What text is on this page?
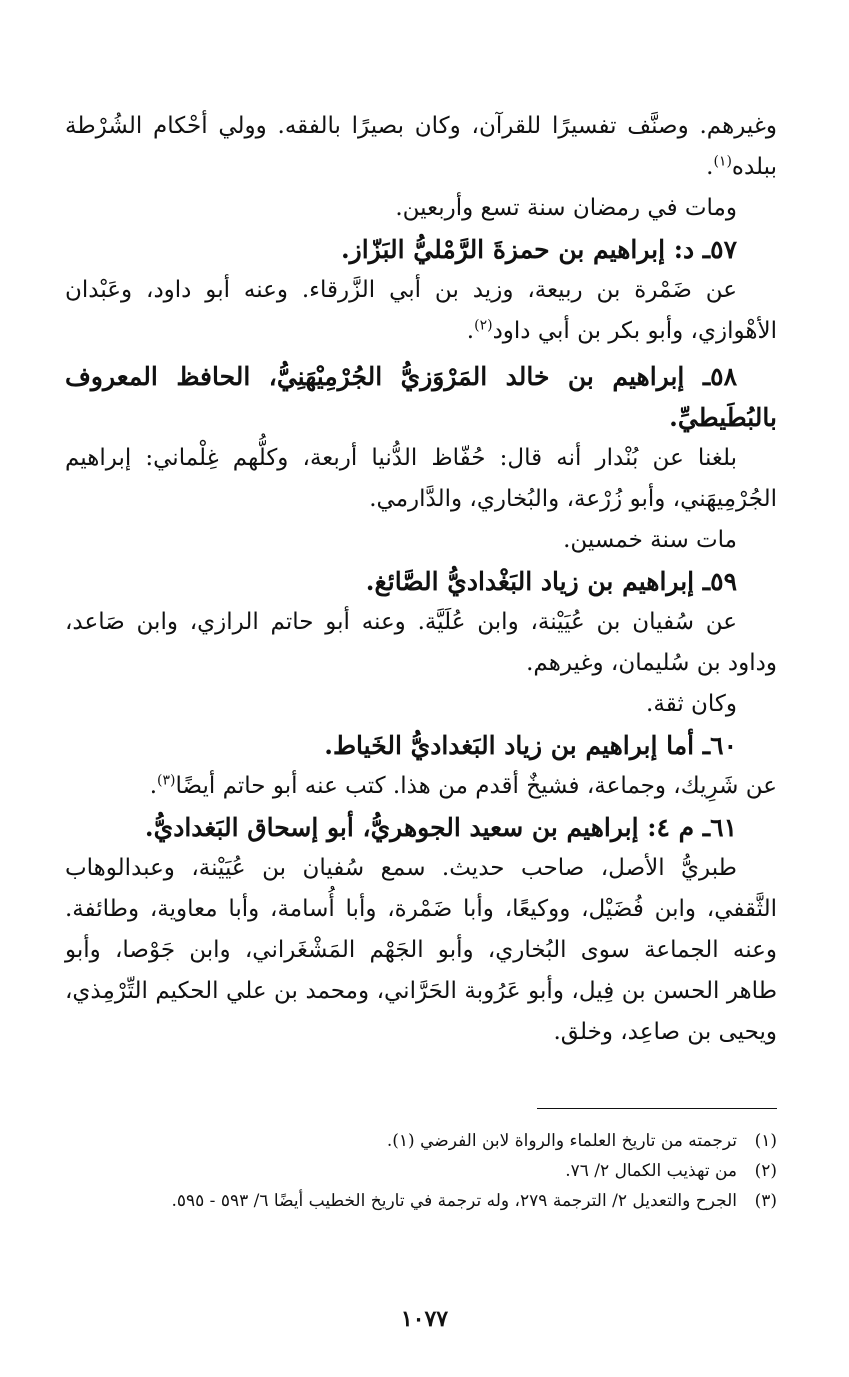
وغيرهم. وصنَّف تفسيرًا للقرآن، وكان بصيرًا بالفقه. وولي أحْكام الشُرْطة
ببلده$^{(١)}$.
ومات في رمضان سنة تسع وأربعين.
٥٧ـ د: إبراهيم بن حمزةَ الرَّمْليُّ البَزّاز.
عن ضَمْرة بن ربيعة، وزيد بن أبي الزَّرقاء. وعنه أبو داود، وعَبْدان
الأهْوازي، وأبو بكر بن أبي داود$^{(٢)}$.
٥٨ـ إبراهيم بن خالد المَرْوَزيُّ الجُرْمِيْهَنِيُّ، الحافظ المعروف
بالبُطَيطيِّ.
بلغنا عن بُنْدار أنه قال: حُفّاظ الدُّنيا أربعة، وكلُّهم غِلْماني: إبراهيم
الجُرْمِيهَني، وأبو زُرْعة، والبُخاري، والدَّارمي.
مات سنة خمسين.
٥٩ـ إبراهيم بن زياد البَغْداديُّ الصَّائغ.
عن سُفيان بن عُيَيْنة، وابن عُلَيَّة. وعنه أبو حاتم الرازي، وابن صَاعد،
وداود بن سُليمان، وغيرهم.
وكان ثقة.
٦٠ـ أما إبراهيم بن زياد البَغداديُّ الخَياط.
عن شَرِيك، وجماعة، فشيخٌ أقدم من هذا. كتب عنه أبو حاتم أيضًا$^{(٣)}$.
٦١ـ م ٤: إبراهيم بن سعيد الجوهريُّ، أبو إسحاق البَغداديُّ.
طبريُّ الأصل، صاحب حديث. سمع سُفيان بن عُيَيْنة، وعبدالوهاب
الثَّقفي، وابن فُضَيْل، ووكيعًا، وأبا ضَمْرة، وأبا أُسامة، وأبا معاوية، وطائفة.
وعنه الجماعة سوى البُخاري، وأبو الجَهْم المَشْغَراني، وابن جَوْصا، وأبو
طاهر الحسن بن فِيل، وأبو عَرُوبة الحَرَّاني، ومحمد بن علي الحكيم التِّرْمِذي،
ويحيى بن صاعِد، وخلق.
(١)ترجمته من تاريخ العلماء والرواة لابن الفرضي (١).
(٢)من تهذيب الكمال ٢/ ٧٦.
(٣)الجرح والتعديل ٢/ الترجمة ٢٧٩، وله ترجمة في تاريخ الخطيب أيضًا ٦/ ٥٩٣ - ٥٩٥.
١٠٧٧
